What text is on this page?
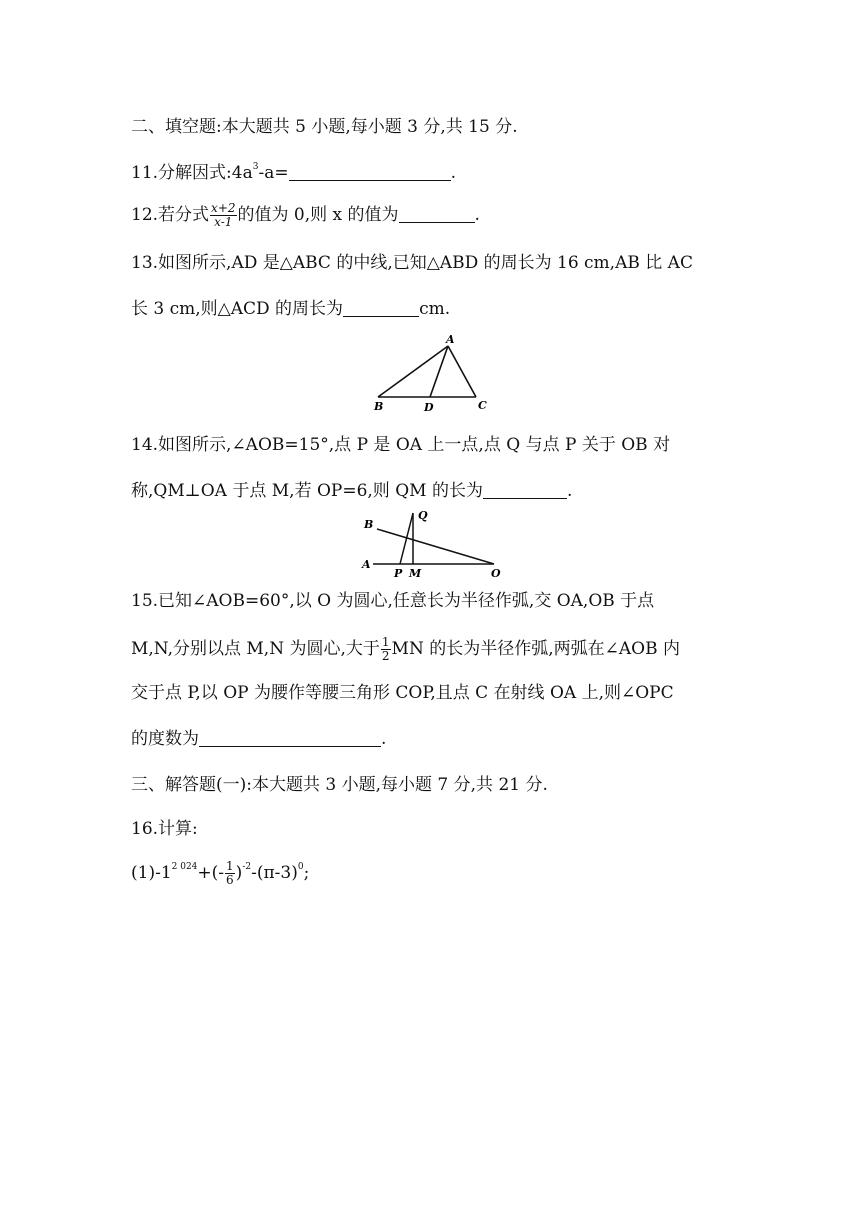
二、填空题:本大题共 5 小题,每小题 3 分,共 15 分.
11.分解因式$:4a^3-a=$	.
12.若分式 $\frac{x+2}{x-1}$ 的值为 0,则 x 的值为	.
13.如图所示,AD 是△ABC 的中线,已知△ABD 的周长为 16 cm,AB 比 AC
长 3 cm,则△ACD 的周长为	cm.
A
B	D	C
14.如图所示,∠AOB=15°,点 P 是 OA 上一点,点 Q 与点 P 关于 OB 对
称,QM⊥OA 于点 M,若 OP=6,则 QM 的长为	.
B
Q
A
P M	O
15.已知∠AOB=60°,以 O 为圆心,任意长为半径作弧,交 OA,OB 于点
M,N,分别以点 M,N 为圆心,大于 $\frac{1}{2}$ MN 的长为半径作弧,两弧在∠AOB 内
交于点 P,以 OP 为腰作等腰三角形 COP,且点 C 在射线 OA 上,则∠OPC
的度数为	.
三、解答题(一):本大题共 3 小题,每小题 7 分,共 21 分.
16.计算:
$(1)-1^{2 024}+(- \frac{1}{6} )^{-2}-(\pi-3)^0$;
